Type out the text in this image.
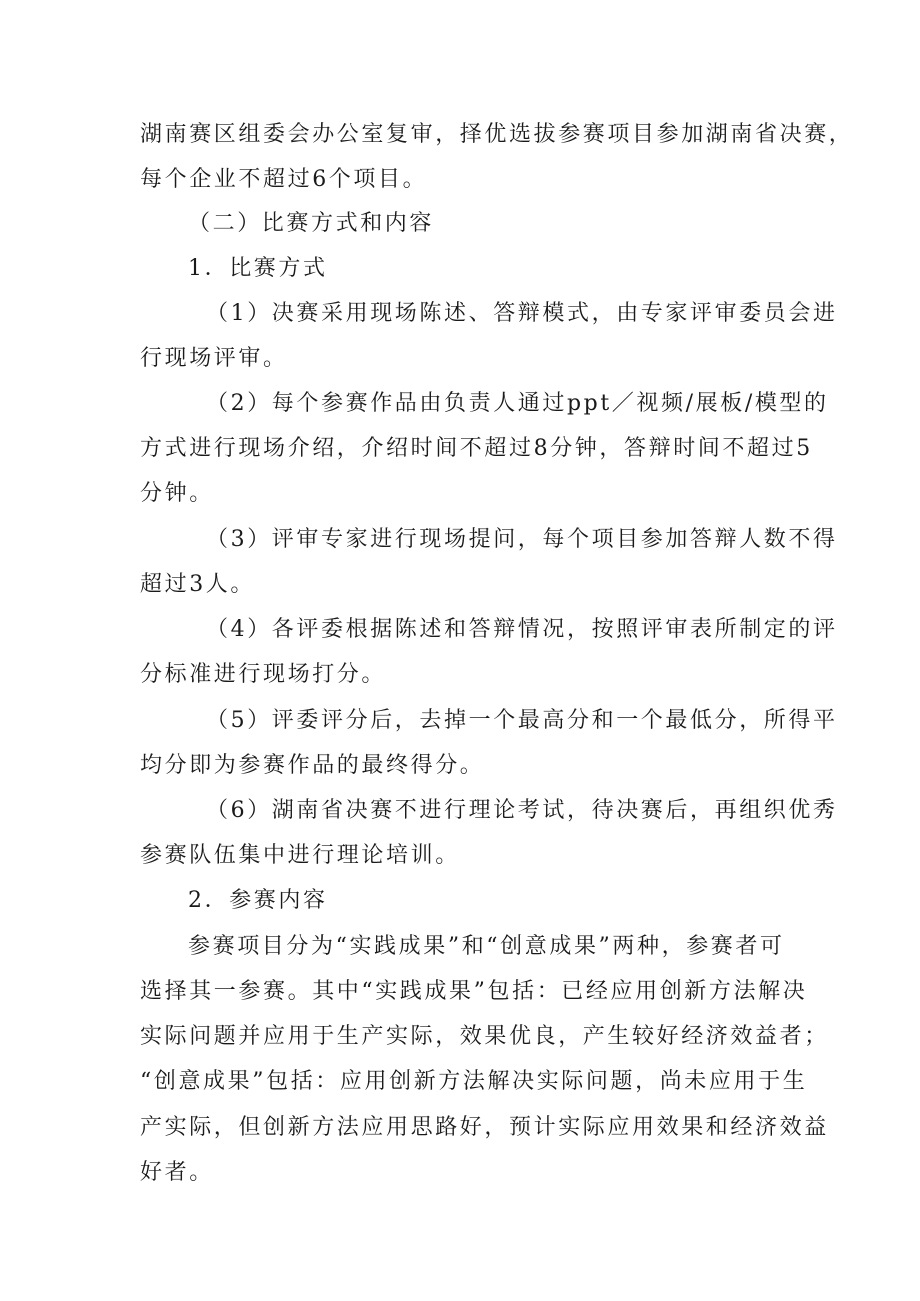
湖南赛区组委会办公室复审，择优选拔参赛项目参加湖南省决赛，
每个企业不超过6个项目。
（二）比赛方式和内容
1．比赛方式
（1）决赛采用现场陈述、答辩模式，由专家评审委员会进
行现场评审。
（2）每个参赛作品由负责人通过ppt／视频/展板/模型的
方式进行现场介绍，介绍时间不超过8分钟，答辩时间不超过5
分钟。
（3）评审专家进行现场提问，每个项目参加答辩人数不得
超过3人。
（4）各评委根据陈述和答辩情况，按照评审表所制定的评
分标准进行现场打分。
（5）评委评分后，去掉一个最高分和一个最低分，所得平
均分即为参赛作品的最终得分。
（6）湖南省决赛不进行理论考试，待决赛后，再组织优秀
参赛队伍集中进行理论培训。
2．参赛内容
参赛项目分为“实践成果”和“创意成果”两种，参赛者可
选择其一参赛。其中“实践成果”包括：已经应用创新方法解决
实际问题并应用于生产实际，效果优良，产生较好经济效益者；
“创意成果”包括：应用创新方法解决实际问题，尚未应用于生
产实际，但创新方法应用思路好，预计实际应用效果和经济效益
好者。
